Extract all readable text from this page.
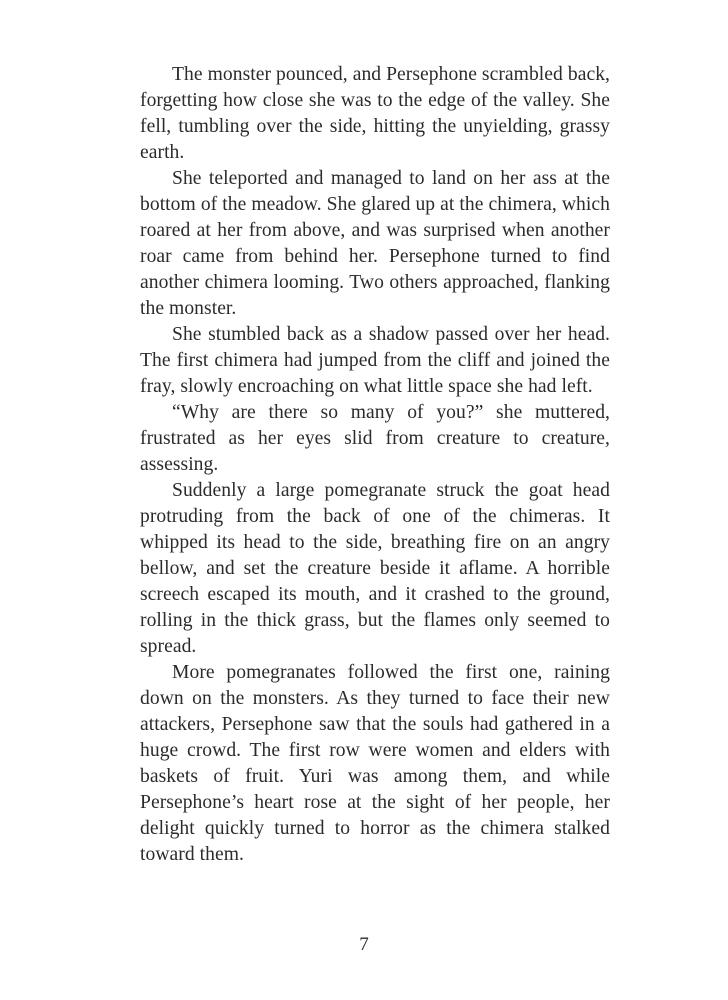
The monster pounced, and Persephone scrambled back, forgetting how close she was to the edge of the valley. She fell, tumbling over the side, hitting the unyielding, grassy earth.

She teleported and managed to land on her ass at the bottom of the meadow. She glared up at the chimera, which roared at her from above, and was surprised when another roar came from behind her. Persephone turned to find another chimera looming. Two others approached, flanking the monster.

She stumbled back as a shadow passed over her head. The first chimera had jumped from the cliff and joined the fray, slowly encroaching on what little space she had left.

“Why are there so many of you?” she muttered, frustrated as her eyes slid from creature to creature, assessing.

Suddenly a large pomegranate struck the goat head protruding from the back of one of the chimeras. It whipped its head to the side, breathing fire on an angry bellow, and set the creature beside it aflame. A horrible screech escaped its mouth, and it crashed to the ground, rolling in the thick grass, but the flames only seemed to spread.

More pomegranates followed the first one, raining down on the monsters. As they turned to face their new attackers, Persephone saw that the souls had gathered in a huge crowd. The first row were women and elders with baskets of fruit. Yuri was among them, and while Persephone’s heart rose at the sight of her people, her delight quickly turned to horror as the chimera stalked toward them.

7
